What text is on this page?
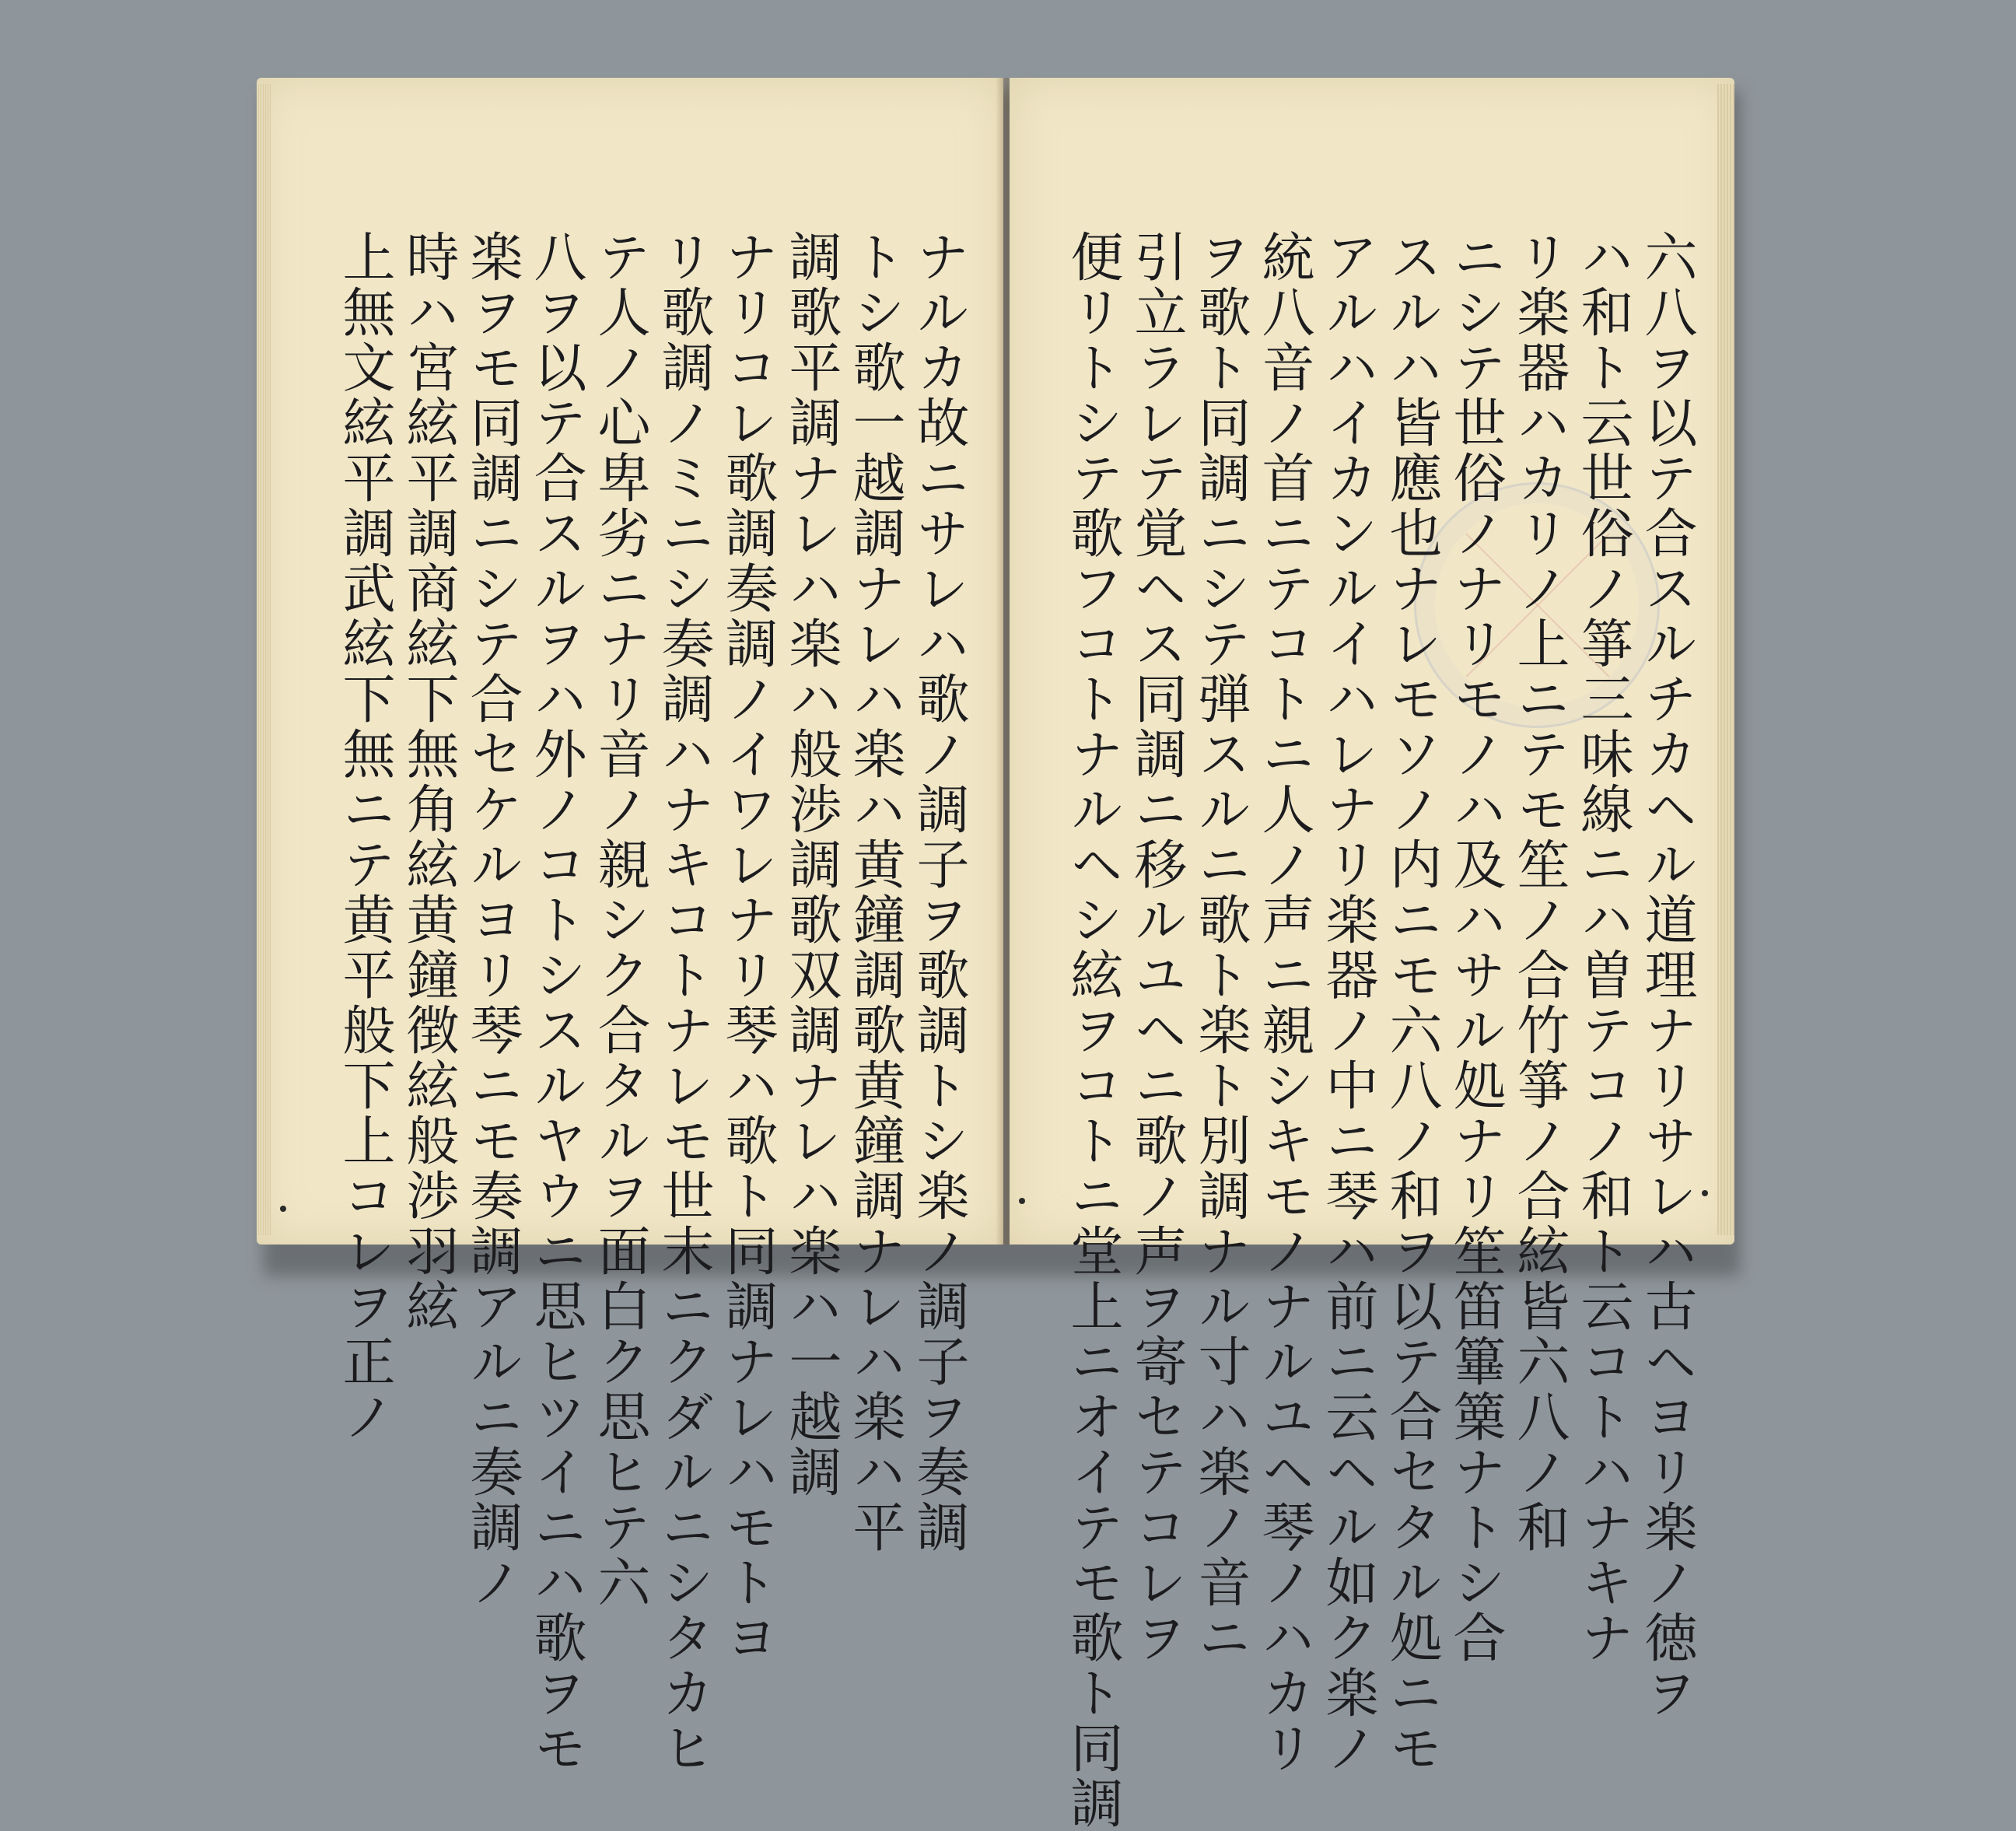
ナルカ故ニサレハ歌ノ調子ヲ歌調トシ楽ノ調子ヲ奏調
トシ歌一越調ナレハ楽ハ黄鐘調歌黄鐘調ナレハ楽ハ平
調歌平調ナレハ楽ハ般渉調歌双調ナレハ楽ハ一越調
ナリコレ歌調奏調ノイワレナリ琴ハ歌ト同調ナレハモトヨ
リ歌調ノミニシ奏調ハナキコトナレモ世末ニクダルニシタカヒ
テ人ノ心卑劣ニナリ音ノ親シク合タルヲ面白ク思ヒテ六
八ヲ以テ合スルヲハ外ノコトシスルヤウニ思ヒツイニハ歌ヲモ
楽ヲモ同調ニシテ合セケルヨリ琴ニモ奏調アルニ奏調ノ
時ハ宮絃平調商絃下無角絃黄鐘徴絃般渉羽絃
上無文絃平調武絃下無ニテ黄平般下上コレヲ正ノ	六八ヲ以テ合スルチカヘル道理ナリサレハ古ヘヨリ楽ノ徳ヲ
ハ和ト云世俗ノ箏三味線ニハ曽テコノ和ト云コトハナキナ
リ楽器ハカリノ上ニテモ笙ノ合竹箏ノ合絃皆六八ノ和
ニシテ世俗ノナリモノハ及ハサル処ナリ笙笛篳篥ナトシ合
スルハ皆應也ナレモソノ内ニモ六八ノ和ヲ以テ合セタル処ニモ
アルハイカンルイハレナリ楽器ノ中ニ琴ハ前ニ云ヘル如ク楽ノ
統八音ノ首ニテコトニ人ノ声ニ親シキモノナルユヘ琴ノハカリ
ヲ歌ト同調ニシテ弾スルニ歌ト楽ト別調ナル寸ハ楽ノ音ニ
引立ラレテ覚ヘス同調ニ移ルユヘニ歌ノ声ヲ寄セテコレヲ
便リトシテ歌フコトナルヘシ絃ヲコトニ堂上ニオイテモ歌ト同調
